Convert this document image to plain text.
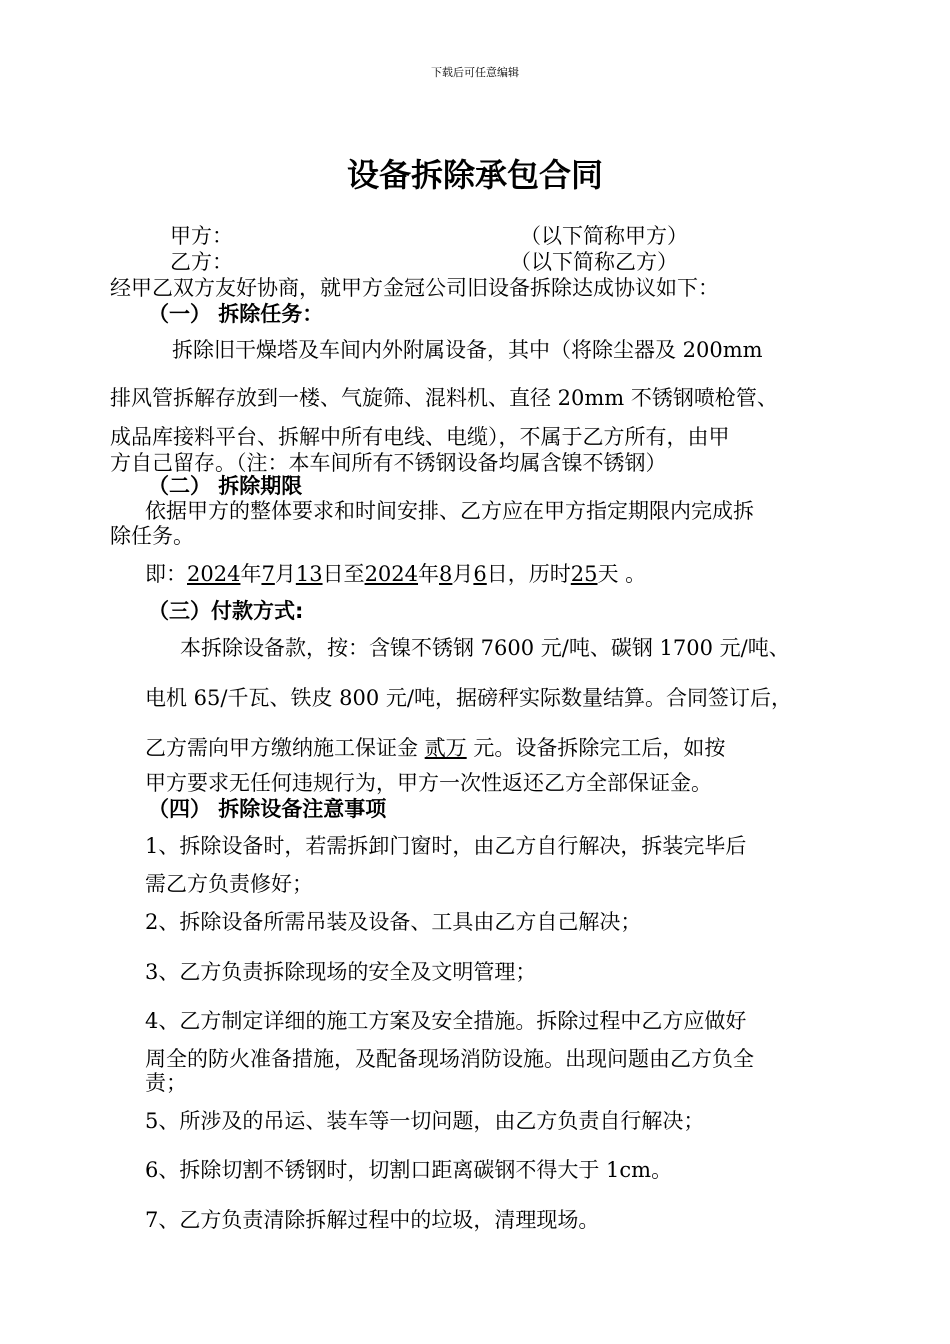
下载后可任意编辑
设备拆除承包合同
甲方：	（以下简称甲方）
乙方：	（以下简称乙方）
经甲乙双方友好协商，就甲方金冠公司旧设备拆除达成协议如下：
（一） 拆除任务：
拆除旧干燥塔及车间内外附属设备，其中（将除尘器及 200mm
排风管拆解存放到一楼、气旋筛、混料机、直径 20mm 不锈钢喷枪管、
成品库接料平台、拆解中所有电线、电缆），不属于乙方所有，由甲
方自己留存。（注：本车间所有不锈钢设备均属含镍不锈钢）
（二） 拆除期限
依据甲方的整体要求和时间安排、乙方应在甲方指定期限内完成拆
除任务。
即：2024年7月13日至2024年8月6日，历时25天 。
（三）付款方式:
本拆除设备款，按：含镍不锈钢 7600 元/吨、碳钢 1700 元/吨、
电机 65/千瓦、铁皮 800 元/吨，据磅秤实际数量结算。合同签订后，
乙方需向甲方缴纳施工保证金 贰万 元。设备拆除完工后，如按
甲方要求无任何违规行为，甲方一次性返还乙方全部保证金。
（四） 拆除设备注意事项
1、拆除设备时，若需拆卸门窗时，由乙方自行解决，拆装完毕后
需乙方负责修好；
2、拆除设备所需吊装及设备、工具由乙方自己解决；
3、乙方负责拆除现场的安全及文明管理；
4、乙方制定详细的施工方案及安全措施。拆除过程中乙方应做好
周全的防火准备措施，及配备现场消防设施。出现问题由乙方负全
责；
5、所涉及的吊运、装车等一切问题，由乙方负责自行解决；
6、拆除切割不锈钢时，切割口距离碳钢不得大于 1cm。
7、乙方负责清除拆解过程中的垃圾，清理现场。
